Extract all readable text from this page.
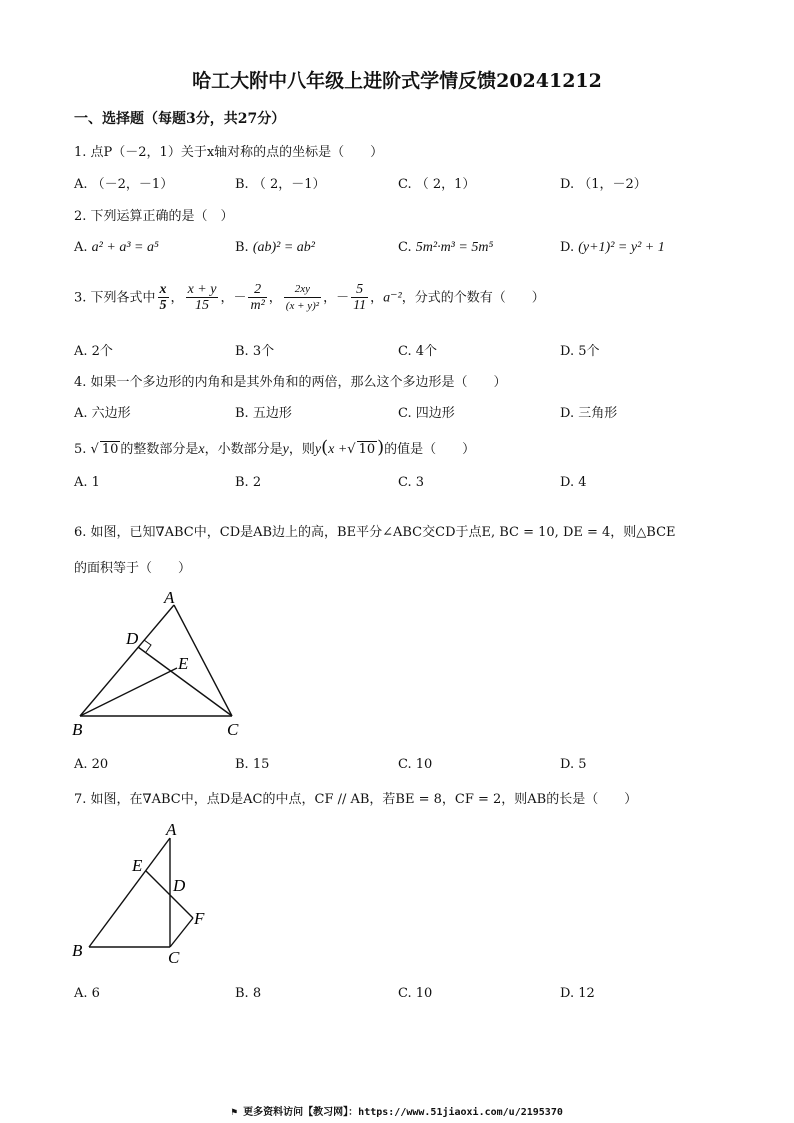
哈工大附中八年级上进阶式学情反馈20241212
一、选择题（每题3分，共27分）
1. 点P（－2，1）关于x轴对称的点的坐标是（　　）
A. （－2，－1）	B. （ 2，－1）	C. （ 2，1）	D. （1，－2）
2. 下列运算正确的是（　）
A. a² + a³ = a⁵	B. (ab)² = ab²	C. 5m²·m³ = 5m⁵	D. (y+1)² = y² + 1
3. 下列各式中 $\frac{x}{5}$ ， $\frac{x + y}{15}$ ，－ $\frac{2}{\text{m²}}$ ， $\frac{2xy}{\text{(x + y)²}}$ ，－ $\frac{5}{11}$ ，a⁻²，分式的个数有（　　）
A. 2个	B. 3个	C. 4个	D. 5个
4. 如果一个多边形的内角和是其外角和的两倍，那么这个多边形是（　　）
A. 六边形	B. 五边形	C. 四边形	D. 三角形
5. √ 10 的整数部分是x，小数部分是y，则y(x +√ 10 )的值是（　　）
A. 1	B. 2	C. 3	D. 4
6. 如图，已知∇ABC中，CD是AB边上的高，BE平分∠ABC交CD于点E, BC = 10, DE = 4，则△BCE
的面积等于（　　）
A
D
E
B	C
A. 20	B. 15	C. 10	D. 5
7. 如图，在∇ABC中，点D是AC的中点，CF // AB，若BE = 8，CF = 2，则AB的长是（　　）
A
E
D
F
B	C
A. 6	B. 8	C. 10	D. 12
⚑ 更多资料访问【教习网】：https://www.51jiaoxi.com/u/2195370
